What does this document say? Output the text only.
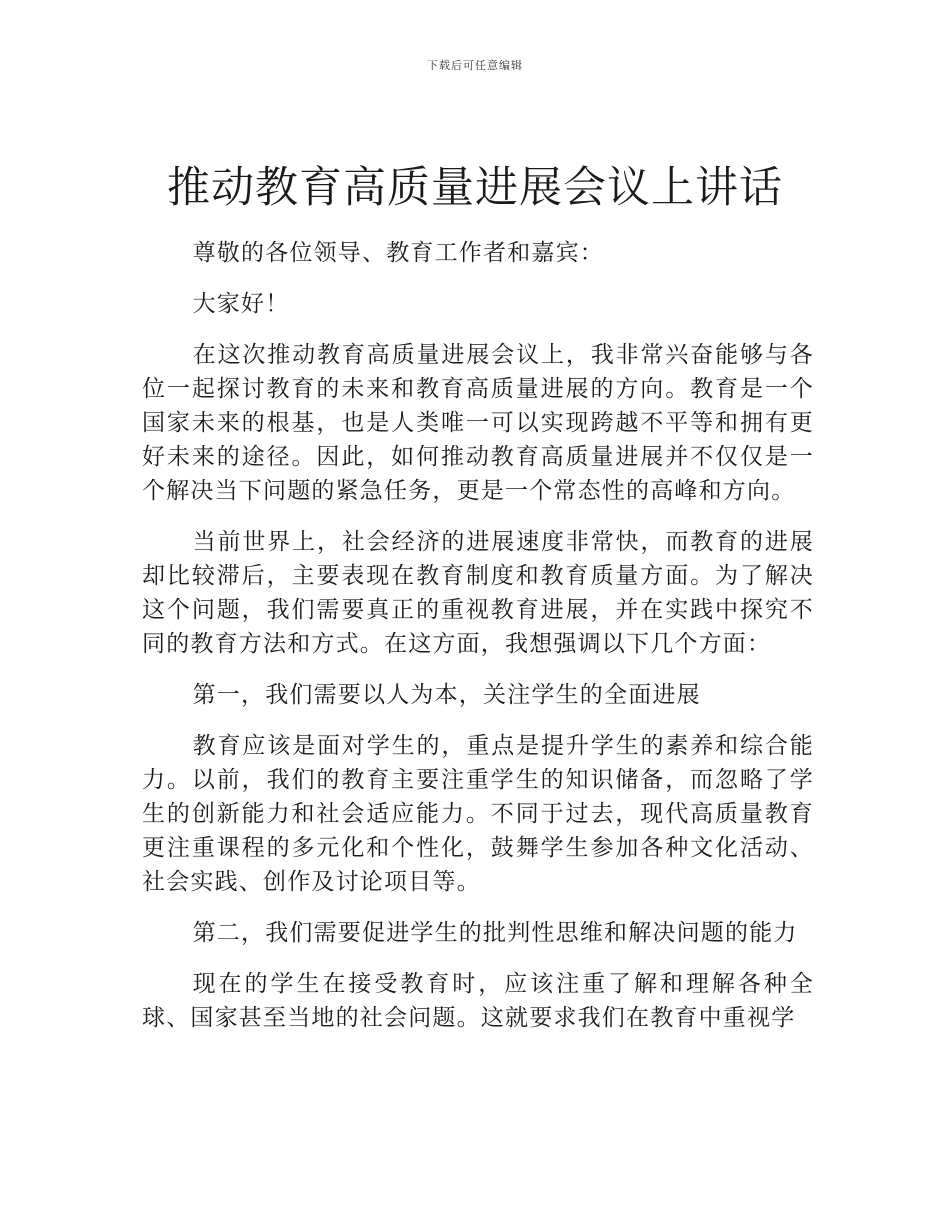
下载后可任意编辑
推动教育高质量进展会议上讲话

尊敬的各位领导、教育工作者和嘉宾：

大家好！

在这次推动教育高质量进展会议上，我非常兴奋能够与各位一起探讨教育的未来和教育高质量进展的方向。教育是一个国家未来的根基，也是人类唯一可以实现跨越不平等和拥有更好未来的途径。因此，如何推动教育高质量进展并不仅仅是一个解决当下问题的紧急任务，更是一个常态性的高峰和方向。

当前世界上，社会经济的进展速度非常快，而教育的进展却比较滞后，主要表现在教育制度和教育质量方面。为了解决这个问题，我们需要真正的重视教育进展，并在实践中探究不同的教育方法和方式。在这方面，我想强调以下几个方面：

第一，我们需要以人为本，关注学生的全面进展

教育应该是面对学生的，重点是提升学生的素养和综合能力。以前，我们的教育主要注重学生的知识储备，而忽略了学生的创新能力和社会适应能力。不同于过去，现代高质量教育更注重课程的多元化和个性化，鼓舞学生参加各种文化活动、社会实践、创作及讨论项目等。

第二，我们需要促进学生的批判性思维和解决问题的能力

现在的学生在接受教育时，应该注重了解和理解各种全球、国家甚至当地的社会问题。这就要求我们在教育中重视学
